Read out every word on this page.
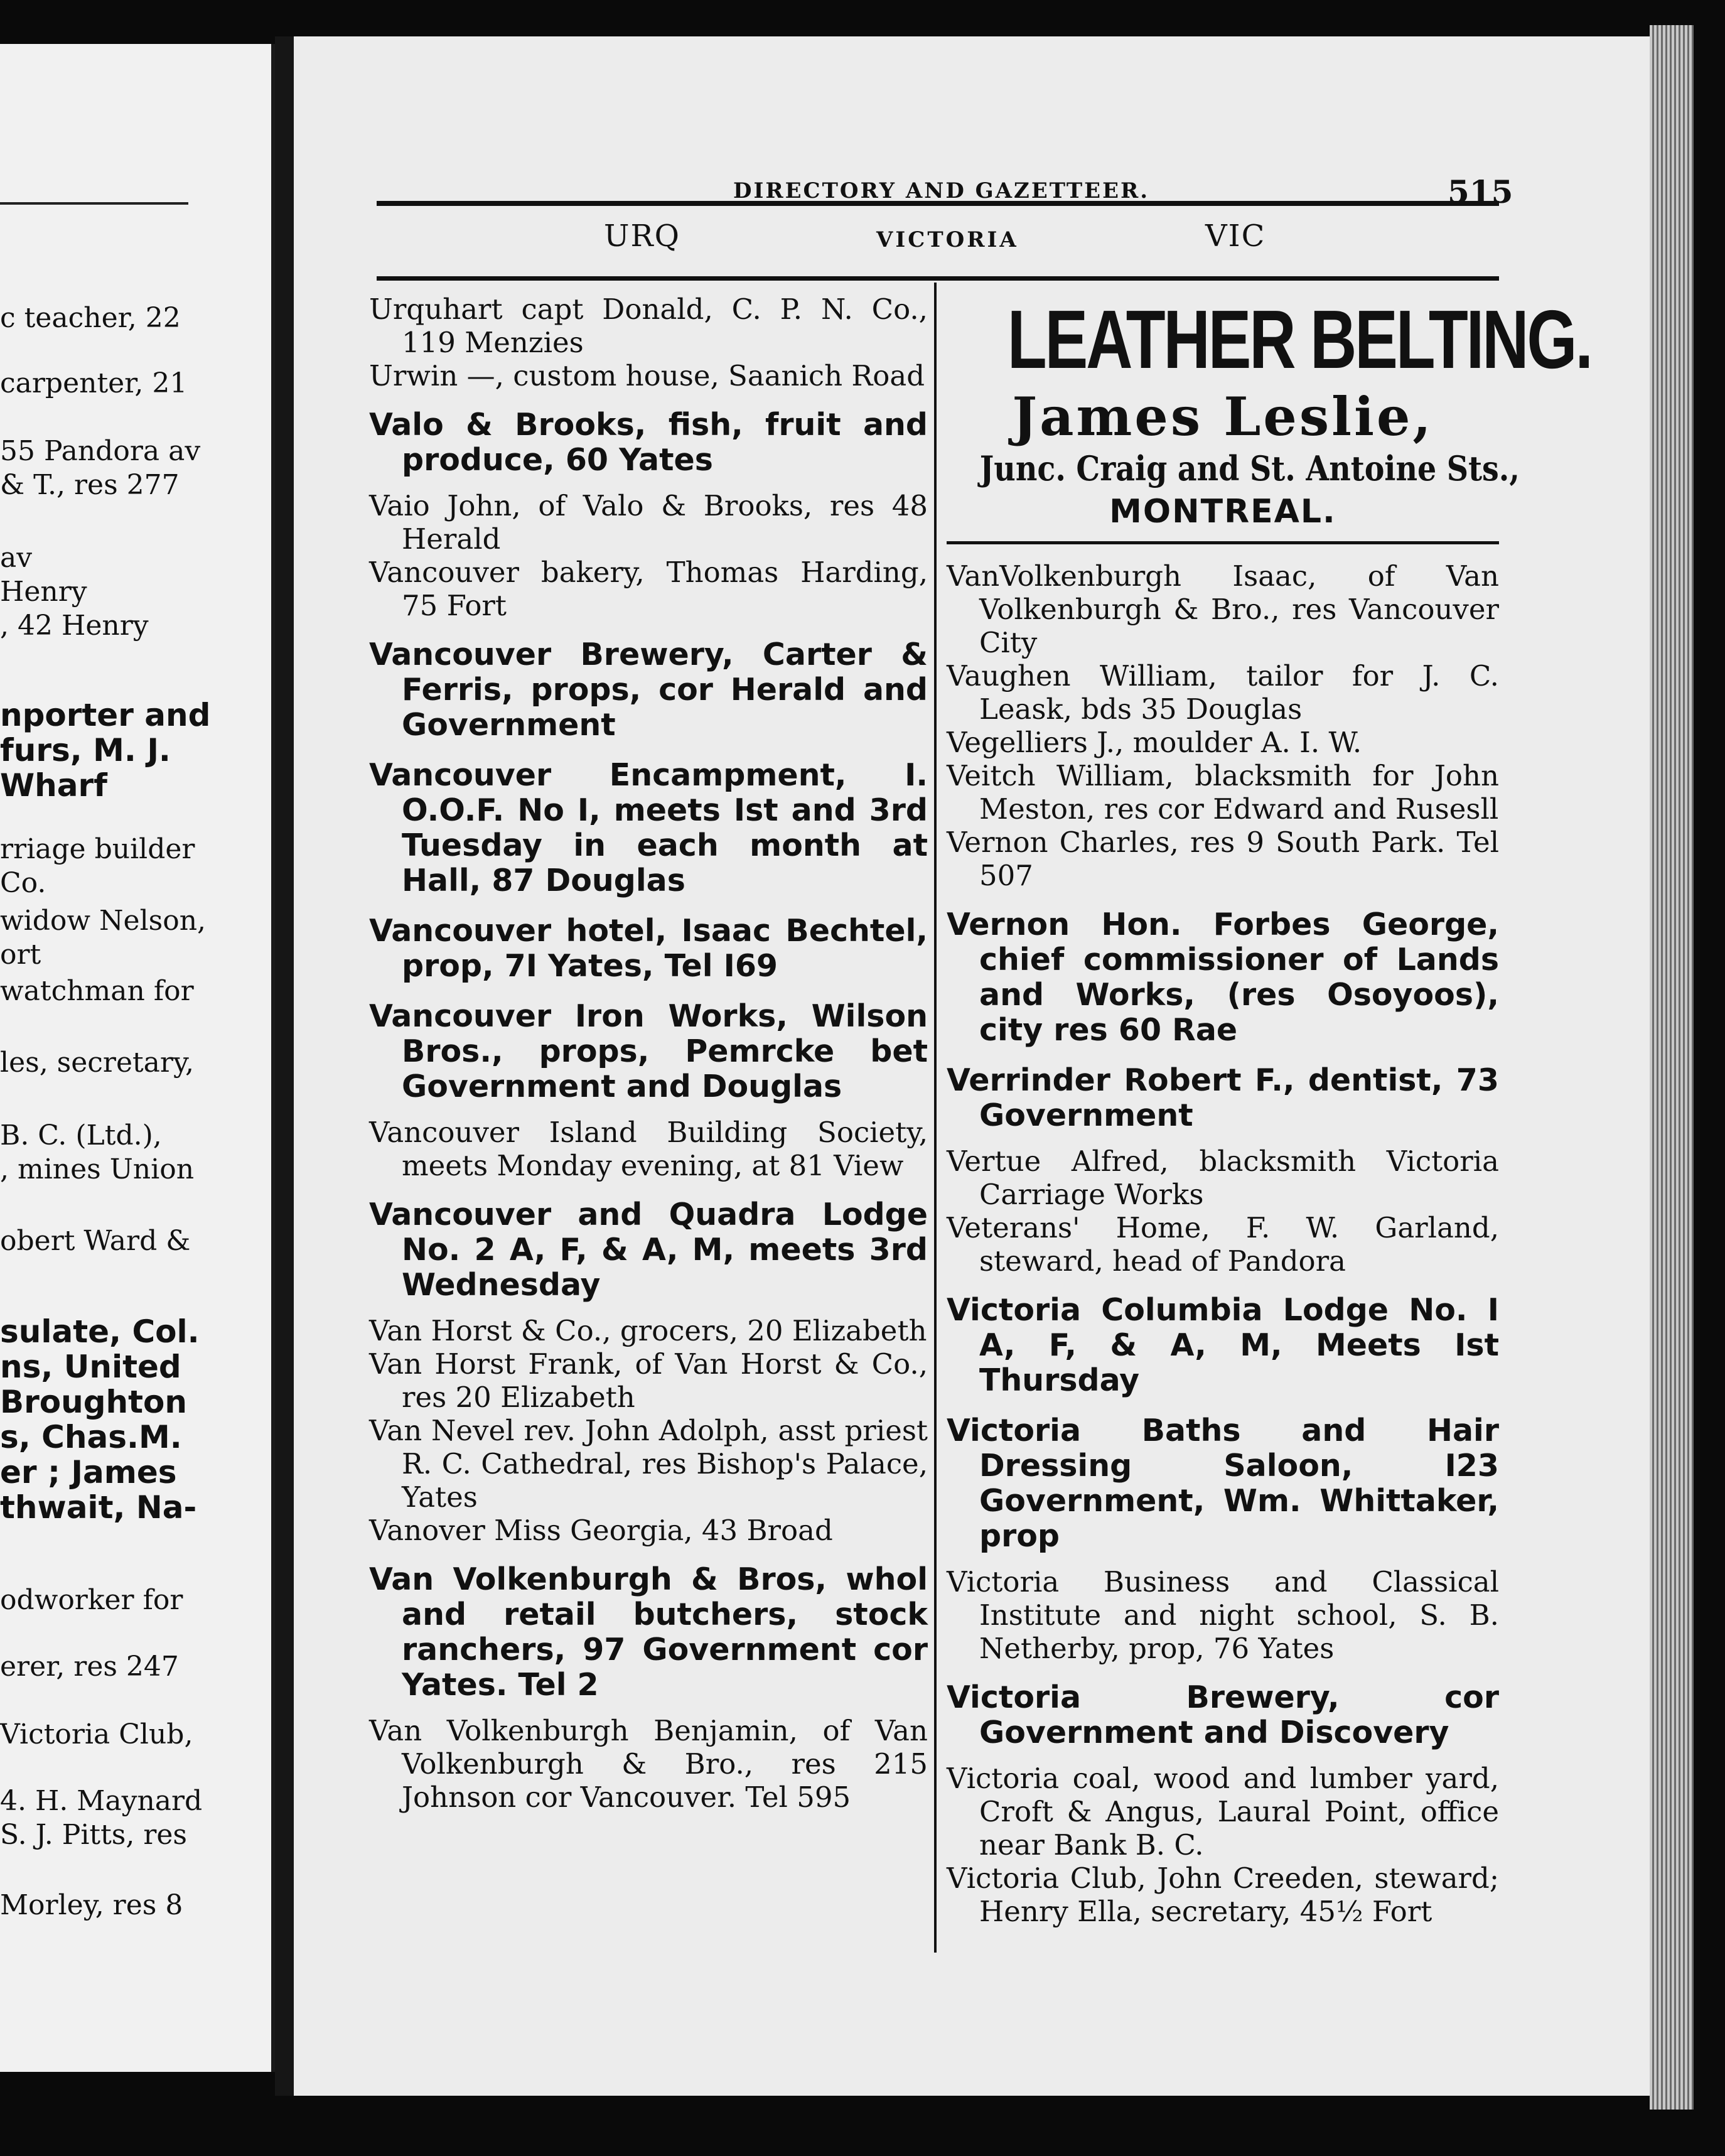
c teacher, 22
carpenter, 21
55 Pandora av
& T., res 277
av
Henry
, 42 Henry
nporter and
furs, M. J.
Wharf
rriage builder
Co.
widow Nelson,
ort
watchman for
les, secretary,
B. C. (Ltd.),
, mines Union
obert Ward &
sulate, Col.
ns, United
Broughton
s, Chas.M.
er ; James
thwait, Na-
odworker for
erer, res 247
Victoria Club,
4. H. Maynard
S. J. Pitts, res
Morley, res 8
DIRECTORY AND GAZETTEER.	515
URQ	VICTORIA	VIC

Urquhart capt Donald, C. P. N. Co., 119 Menzies

Urwin —, custom house, Saanich Road

Valo & Brooks, fish, fruit and produce, 60 Yates

Vaio John, of Valo & Brooks, res 48 Herald

Vancouver bakery, Thomas Harding, 75 Fort

Vancouver Brewery, Carter & Ferris, props, cor Herald and Government

Vancouver Encampment, I. O.O.F. No I, meets Ist and 3rd Tuesday in each month at Hall, 87 Douglas

Vancouver hotel, Isaac Bechtel, prop, 7I Yates, Tel I69

Vancouver Iron Works, Wilson Bros., props, Pemrcke bet Government and Douglas

Vancouver Island Building Society, meets Monday evening, at 81 View

Vancouver and Quadra Lodge No. 2 A, F, & A, M, meets 3rd Wednesday

Van Horst & Co., grocers, 20 Elizabeth

Van Horst Frank, of Van Horst & Co., res 20 Elizabeth

Van Nevel rev. John Adolph, asst priest R. C. Cathedral, res Bishop's Palace, Yates

Vanover Miss Georgia, 43 Broad

Van Volkenburgh & Bros, whol and retail butchers, stock ranchers, 97 Government cor Yates. Tel 2

Van Volkenburgh Benjamin, of Van Volkenburgh & Bro., res 215 Johnson cor Vancouver. Tel 595

LEATHER BELTING.
James Leslie,
Junc. Craig and St. Antoine Sts.,
MONTREAL.

VanVolkenburgh Isaac, of Van Volkenburgh & Bro., res Vancouver City

Vaughen William, tailor for J. C. Leask, bds 35 Douglas

Vegelliers J., moulder A. I. W.

Veitch William, blacksmith for John Meston, res cor Edward and Rusesll

Vernon Charles, res 9 South Park. Tel 507

Vernon Hon. Forbes George, chief commissioner of Lands and Works, (res Osoyoos), city res 60 Rae

Verrinder Robert F., dentist, 73 Government

Vertue Alfred, blacksmith Victoria Carriage Works

Veterans' Home, F. W. Garland, steward, head of Pandora

Victoria Columbia Lodge No. I A, F, & A, M, Meets Ist Thursday

Victoria Baths and Hair Dressing Saloon, I23 Government, Wm. Whittaker, prop

Victoria Business and Classical Institute and night school, S. B. Netherby, prop, 76 Yates

Victoria Brewery, cor Government and Discovery

Victoria coal, wood and lumber yard, Croft & Angus, Laural Point, office near Bank B. C.

Victoria Club, John Creeden, steward; Henry Ella, secretary, 45½ Fort
